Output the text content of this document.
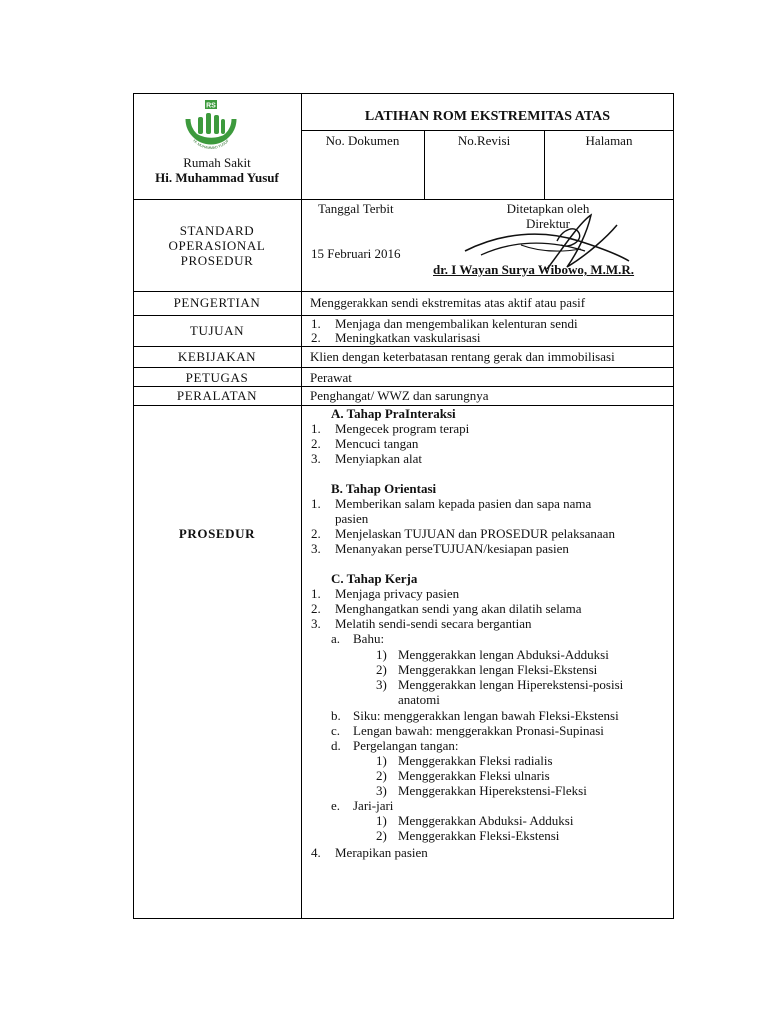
RS
HI. MUHAMMAD YUSUF
Rumah Sakit
Hi. Muhammad Yusuf
LATIHAN ROM EKSTREMITAS ATAS
No. Dokumen	No.Revisi	Halaman
STANDARD
OPERASIONAL
PROSEDUR
Tanggal Terbit
15 Februari 2016
Ditetapkan oleh
Direktur
dr. I Wayan Surya Wibowo, M.M.R.
PENGERTIAN	Menggerakkan sendi ekstremitas atas aktif atau pasif
TUJUAN	1. Menjaga dan mengembalikan kelenturan sendi
2. Meningkatkan vaskularisasi
KEBIJAKAN	Klien dengan keterbatasan rentang gerak dan immobilisasi
PETUGAS	Perawat
PERALATAN	Penghangat/ WWZ dan sarungnya
PROSEDUR
A. Tahap PraInteraksi
1. Mengecek program terapi
2. Mencuci tangan
3. Menyiapkan alat
B. Tahap Orientasi
1. Memberikan salam kepada pasien dan sapa nama
pasien
2. Menjelaskan TUJUAN dan PROSEDUR pelaksanaan
3. Menanyakan perseTUJUAN/kesiapan pasien
C. Tahap Kerja
1. Menjaga privacy pasien
2. Menghangatkan sendi yang akan dilatih selama
3. Melatih sendi-sendi secara bergantian
a. Bahu:
1) Menggerakkan lengan Abduksi-Adduksi
2) Menggerakkan lengan Fleksi-Ekstensi
3) Menggerakkan lengan Hiperekstensi-posisi
anatomi
b. Siku: menggerakkan lengan bawah Fleksi-Ekstensi
c. Lengan bawah: menggerakkan Pronasi-Supinasi
d. Pergelangan tangan:
1) Menggerakkan Fleksi radialis
2) Menggerakkan Fleksi ulnaris
3) Menggerakkan Hiperekstensi-Fleksi
e. Jari-jari
1) Menggerakkan Abduksi- Adduksi
2) Menggerakkan Fleksi-Ekstensi
4. Merapikan pasien
